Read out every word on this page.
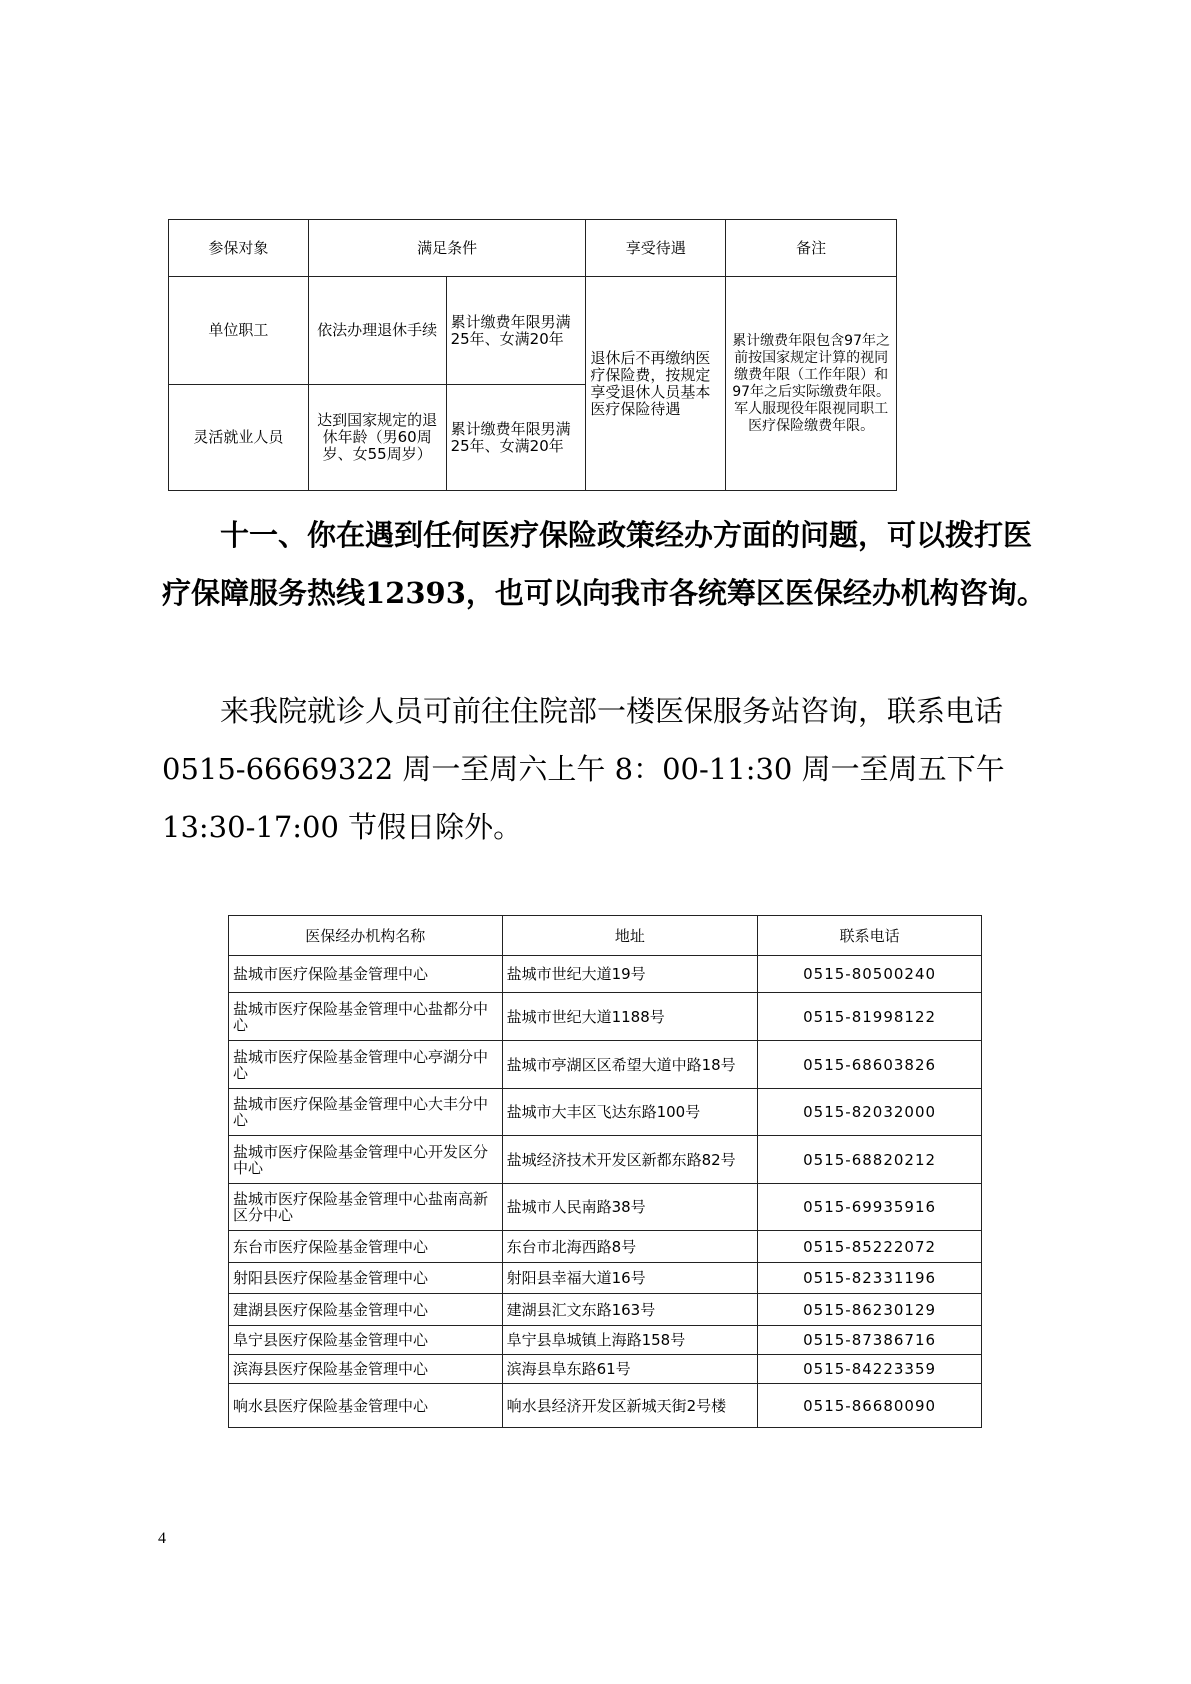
参保对象	满足条件		享受待遇	备注
单位职工	依法办理退休手续	累计缴费年限男满25年、女满20年	退休后不再缴纳医疗保险费，按规定享受退休人员基本医疗保险待遇	累计缴费年限包含97年之前按国家规定计算的视同缴费年限（工作年限）和97年之后实际缴费年限。军人服现役年限视同职工医疗保险缴费年限。
灵活就业人员	达到国家规定的退休年龄（男60周岁、女55周岁）	累计缴费年限男满25年、女满20年		
十一、你在遇到任何医疗保险政策经办方面的问题，可以拨打医疗保障服务热线12393，也可以向我市各统筹区医保经办机构咨询。
来我院就诊人员可前往住院部一楼医保服务站咨询，联系电话 0515-66669322 周一至周六上午 8：00-11:30 周一至周五下午 13:30-17:00 节假日除外。
医保经办机构名称	地址	联系电话
盐城市医疗保险基金管理中心	盐城市世纪大道19号	0515-80500240
盐城市医疗保险基金管理中心盐都分中心	盐城市世纪大道1188号	0515-81998122
盐城市医疗保险基金管理中心亭湖分中心	盐城市亭湖区区希望大道中路18号	0515-68603826
盐城市医疗保险基金管理中心大丰分中心	盐城市大丰区飞达东路100号	0515-82032000
盐城市医疗保险基金管理中心开发区分中心	盐城经济技术开发区新都东路82号	0515-68820212
盐城市医疗保险基金管理中心盐南高新区分中心	盐城市人民南路38号	0515-69935916
东台市医疗保险基金管理中心	东台市北海西路8号	0515-85222072
射阳县医疗保险基金管理中心	射阳县幸福大道16号	0515-82331196
建湖县医疗保险基金管理中心	建湖县汇文东路163号	0515-86230129
阜宁县医疗保险基金管理中心	阜宁县阜城镇上海路158号	0515-87386716
滨海县医疗保险基金管理中心	滨海县阜东路61号	0515-84223359
响水县医疗保险基金管理中心	响水县经济开发区新城天街2号楼	0515-86680090
4
